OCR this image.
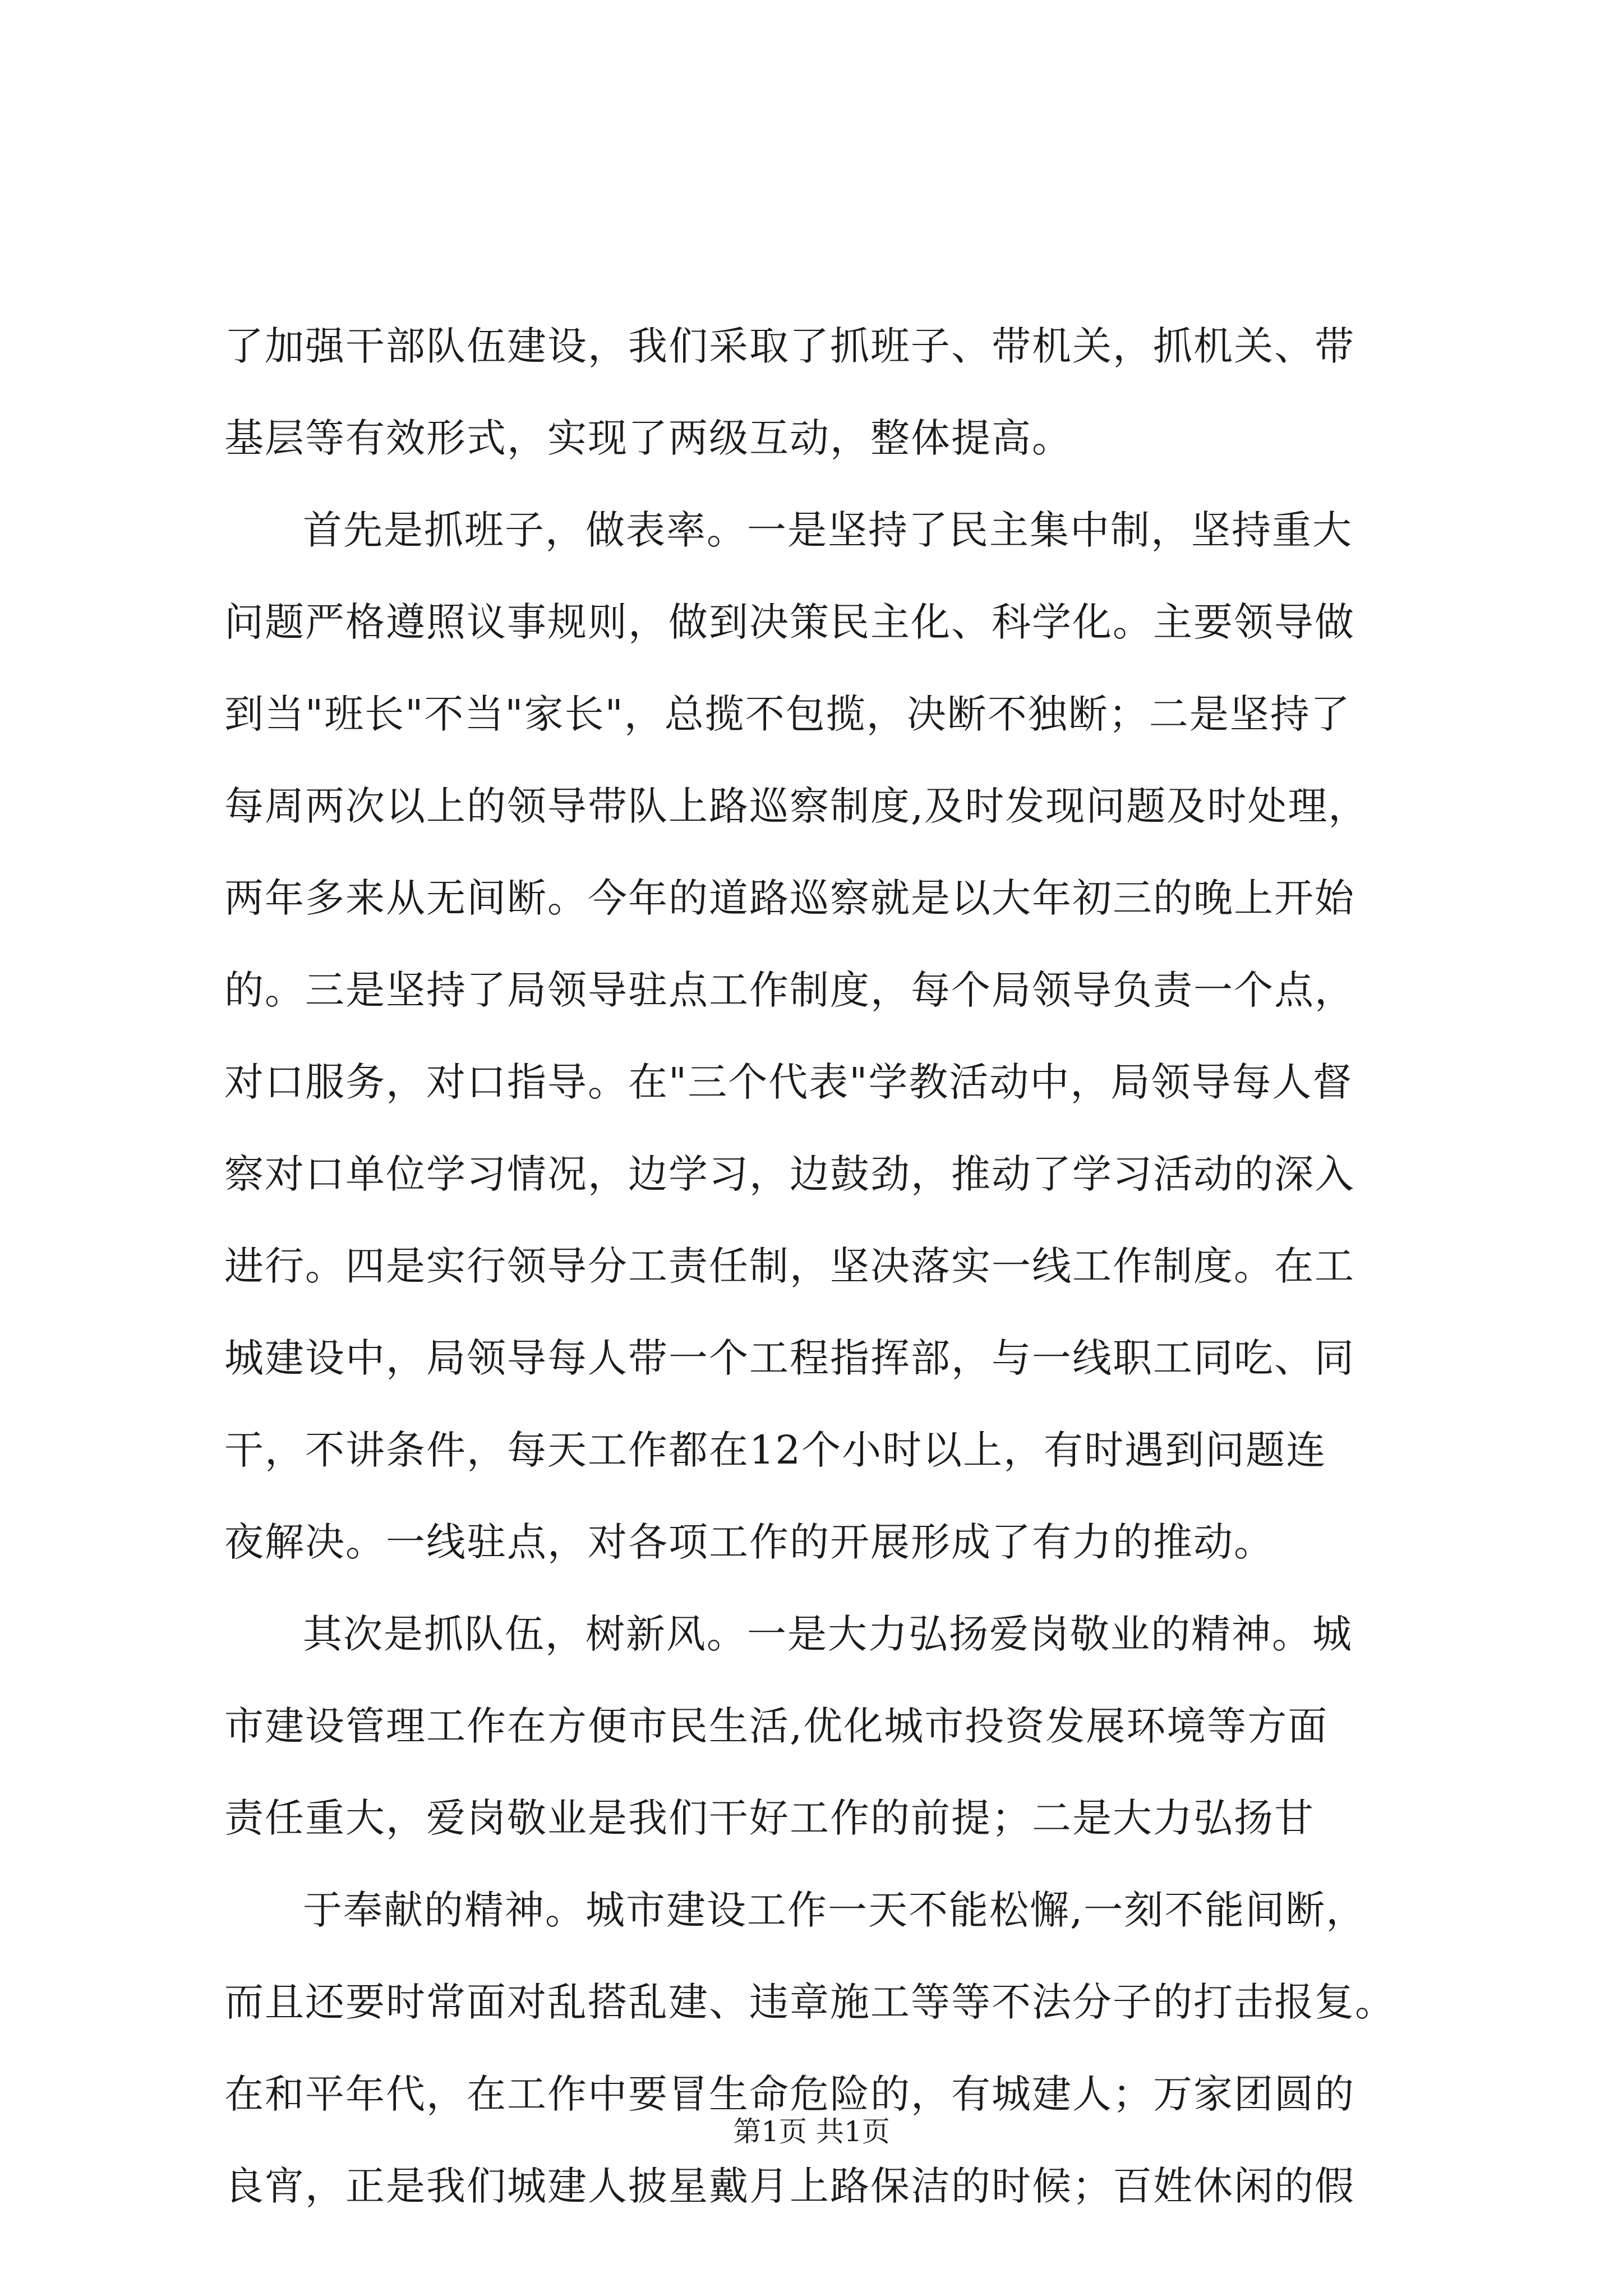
了加强干部队伍建设，我们采取了抓班子、带机关，抓机关、带
基层等有效形式，实现了两级互动，整体提高。
首先是抓班子，做表率。一是坚持了民主集中制，坚持重大
问题严格遵照议事规则，做到决策民主化、科学化。主要领导做
到当"班长"不当"家长"，总揽不包揽，决断不独断；二是坚持了
每周两次以上的领导带队上路巡察制度,及时发现问题及时处理，
两年多来从无间断。今年的道路巡察就是以大年初三的晚上开始
的。三是坚持了局领导驻点工作制度，每个局领导负责一个点，
对口服务，对口指导。在"三个代表"学教活动中，局领导每人督
察对口单位学习情况，边学习，边鼓劲，推动了学习活动的深入
进行。四是实行领导分工责任制，坚决落实一线工作制度。在工
城建设中，局领导每人带一个工程指挥部，与一线职工同吃、同
干，不讲条件，每天工作都在12个小时以上，有时遇到问题连
夜解决。一线驻点，对各项工作的开展形成了有力的推动。
其次是抓队伍，树新风。一是大力弘扬爱岗敬业的精神。城
市建设管理工作在方便市民生活,优化城市投资发展环境等方面
责任重大，爱岗敬业是我们干好工作的前提；二是大力弘扬甘
于奉献的精神。城市建设工作一天不能松懈,一刻不能间断，
而且还要时常面对乱搭乱建、违章施工等等不法分子的打击报复。
在和平年代，在工作中要冒生命危险的，有城建人；万家团圆的
良宵，正是我们城建人披星戴月上路保洁的时候；百姓休闲的假
第1页 共1页
